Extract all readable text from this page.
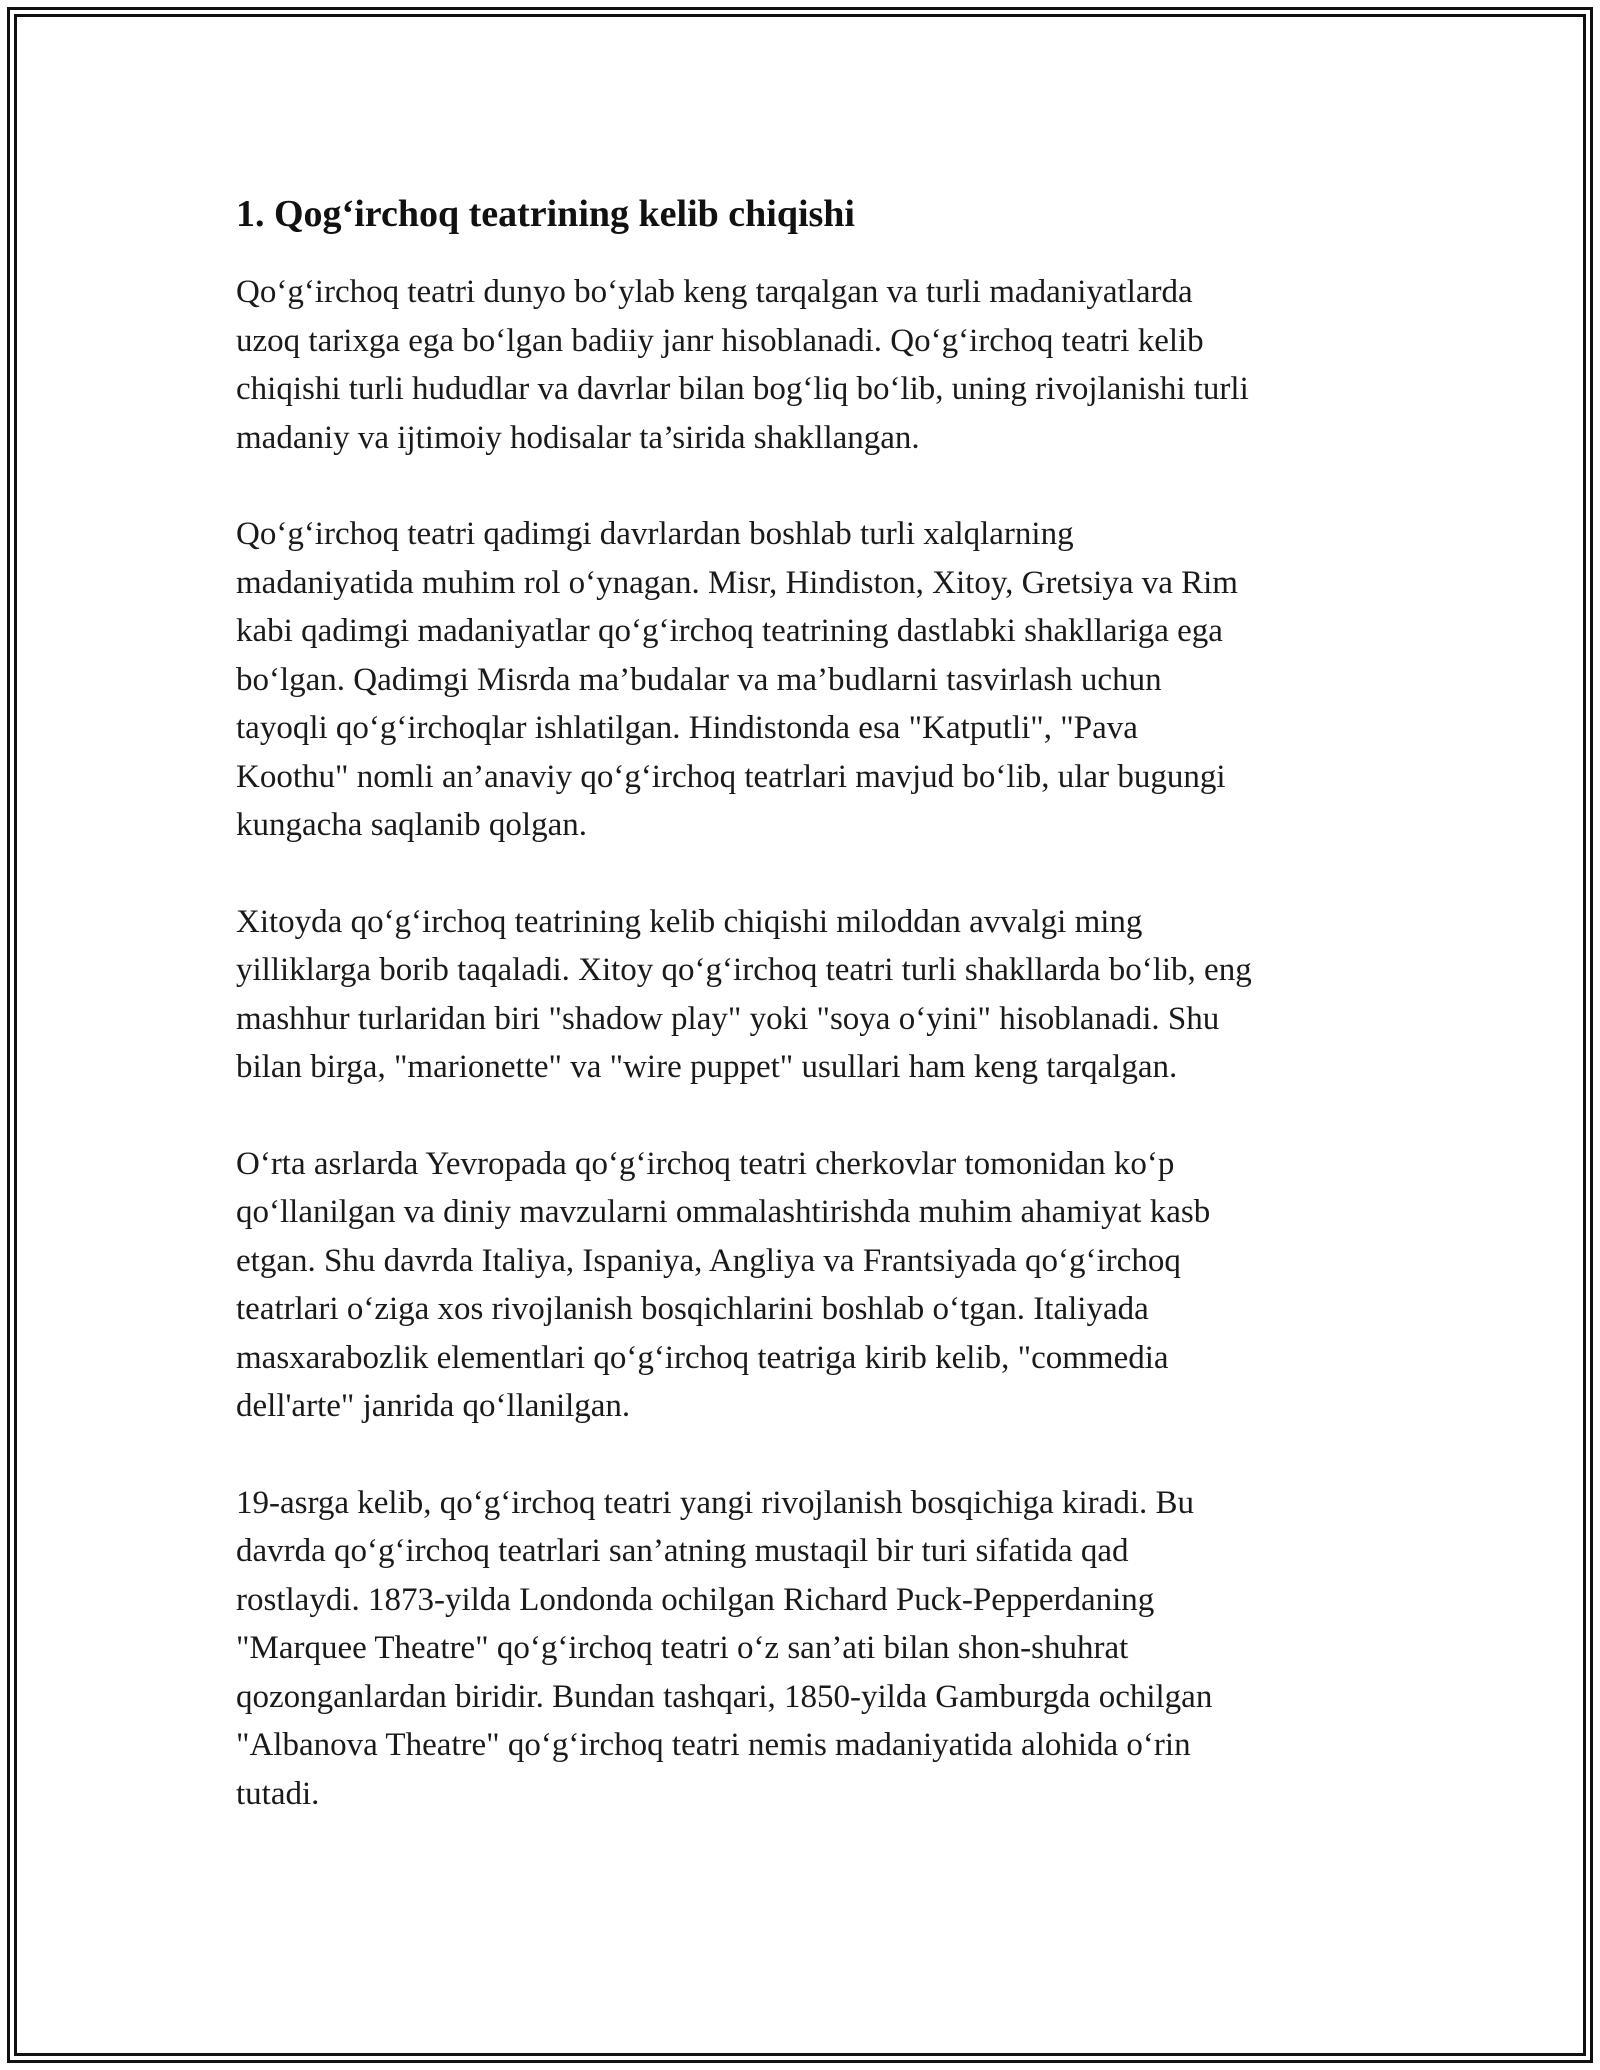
1. Qog‘irchoq teatrining kelib chiqishi
Qo‘g‘irchoq teatri dunyo bo‘ylab keng tarqalgan va turli madaniyatlarda
uzoq tarixga ega bo‘lgan badiiy janr hisoblanadi. Qo‘g‘irchoq teatri kelib
chiqishi turli hududlar va davrlar bilan bog‘liq bo‘lib, uning rivojlanishi turli
madaniy va ijtimoiy hodisalar ta’sirida shakllangan.
Qo‘g‘irchoq teatri qadimgi davrlardan boshlab turli xalqlarning
madaniyatida muhim rol o‘ynagan. Misr, Hindiston, Xitoy, Gretsiya va Rim
kabi qadimgi madaniyatlar qo‘g‘irchoq teatrining dastlabki shakllariga ega
bo‘lgan. Qadimgi Misrda ma’budalar va ma’budlarni tasvirlash uchun
tayoqli qo‘g‘irchoqlar ishlatilgan. Hindistonda esa "Katputli", "Pava
Koothu" nomli an’anaviy qo‘g‘irchoq teatrlari mavjud bo‘lib, ular bugungi
kungacha saqlanib qolgan.
Xitoyda qo‘g‘irchoq teatrining kelib chiqishi miloddan avvalgi ming
yilliklarga borib taqaladi. Xitoy qo‘g‘irchoq teatri turli shakllarda bo‘lib, eng
mashhur turlaridan biri "shadow play" yoki "soya o‘yini" hisoblanadi. Shu
bilan birga, "marionette" va "wire puppet" usullari ham keng tarqalgan.
O‘rta asrlarda Yevropada qo‘g‘irchoq teatri cherkovlar tomonidan ko‘p
qo‘llanilgan va diniy mavzularni ommalashtirishda muhim ahamiyat kasb
etgan. Shu davrda Italiya, Ispaniya, Angliya va Frantsiyada qo‘g‘irchoq
teatrlari o‘ziga xos rivojlanish bosqichlarini boshlab o‘tgan. Italiyada
masxarabozlik elementlari qo‘g‘irchoq teatriga kirib kelib, "commedia
dell'arte" janrida qo‘llanilgan.
19-asrga kelib, qo‘g‘irchoq teatri yangi rivojlanish bosqichiga kiradi. Bu
davrda qo‘g‘irchoq teatrlari san’atning mustaqil bir turi sifatida qad
rostlaydi. 1873-yilda Londonda ochilgan Richard Puck-Pepperdaning
"Marquee Theatre" qo‘g‘irchoq teatri o‘z san’ati bilan shon-shuhrat
qozonganlardan biridir. Bundan tashqari, 1850-yilda Gamburgda ochilgan
"Albanova Theatre" qo‘g‘irchoq teatri nemis madaniyatida alohida o‘rin
tutadi.
